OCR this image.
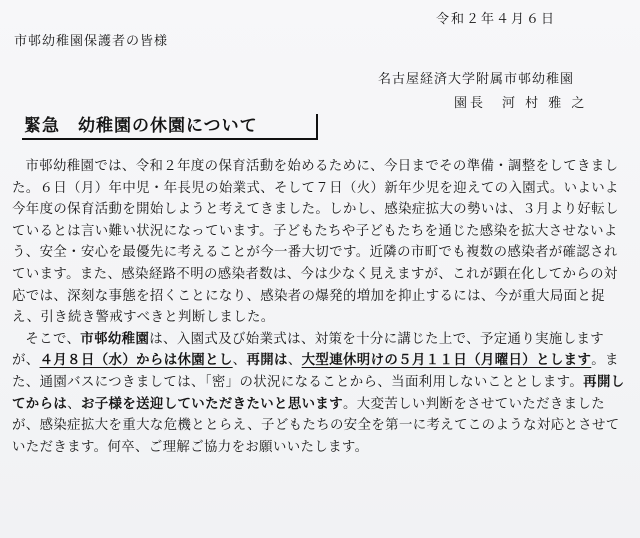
令和２年４月６日
市邨幼稚園保護者の皆様
名古屋経済大学附属市邨幼稚園
園長　河 村 雅 之
緊急　幼稚園の休園について

市邨幼稚園では、令和２年度の保育活動を始めるために、今日までその準備・調整をしてきました。６日（月）年中児・年長児の始業式、そして７日（火）新年少児を迎えての入園式。いよいよ今年度の保育活動を開始しようと考えてきました。しかし、感染症拡大の勢いは、３月より好転しているとは言い難い状況になっています。子どもたちや子どもたちを通じた感染を拡大させないよう、安全・安心を最優先に考えることが今一番大切です。近隣の市町でも複数の感染者が確認されています。また、感染経路不明の感染者数は、今は少なく見えますが、これが顕在化してからの対応では、深刻な事態を招くことになり、感染者の爆発的増加を抑止するには、今が重大局面と捉え、引き続き警戒すべきと判断しました。

そこで、市邨幼稚園は、入園式及び始業式は、対策を十分に講じた上で、予定通り実施しますが、４月８日（水）からは休園とし、再開は、大型連休明けの５月１１日（月曜日）とします。また、通園バスにつきましては、「密」の状況になることから、当面利用しないこととします。再開してからは、お子様を送迎していただきたいと思います。大変苦しい判断をさせていただきましたが、感染症拡大を重大な危機ととらえ、子どもたちの安全を第一に考えてこのような対応とさせていただきます。何卒、ご理解ご協力をお願いいたします。
